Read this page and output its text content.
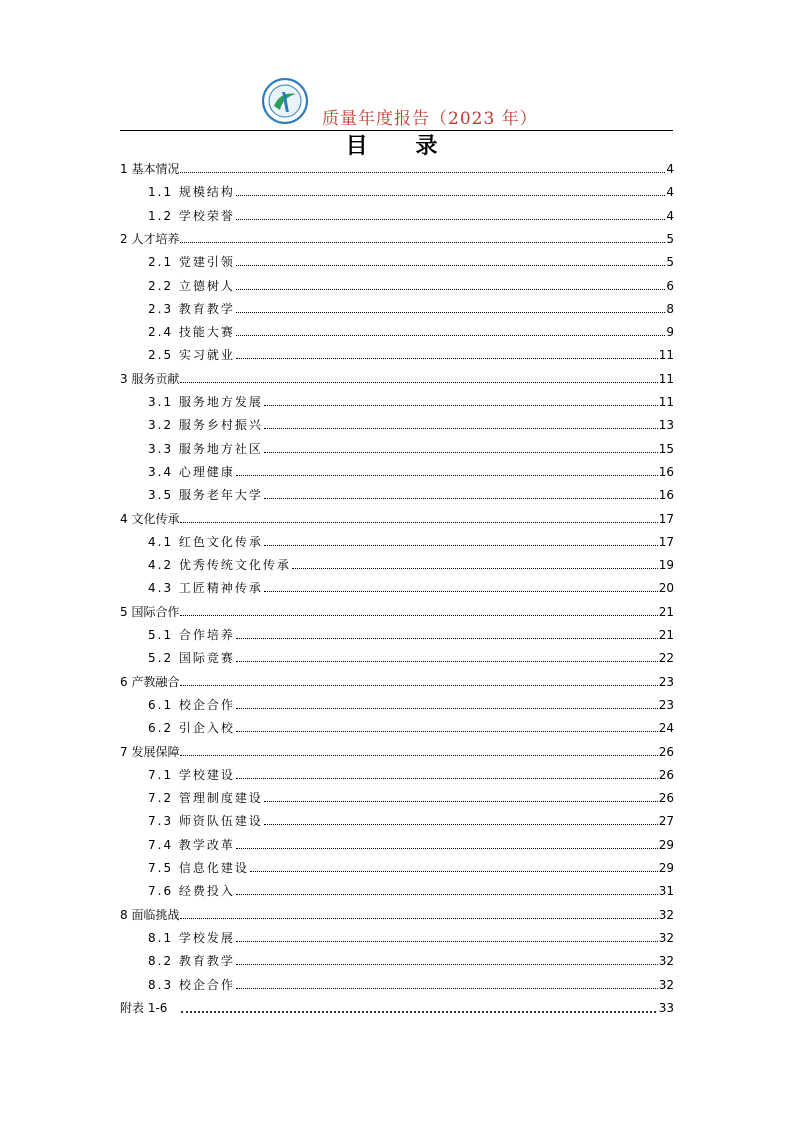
质量年度报告（2023 年）
目 录
1 基本情况	4
1.1 规模结构	4
1.2 学校荣誉	4
2 人才培养	5
2.1 党建引领	5
2.2 立德树人	6
2.3 教育教学	8
2.4 技能大赛	9
2.5 实习就业	11
3 服务贡献	11
3.1 服务地方发展	11
3.2 服务乡村振兴	13
3.3 服务地方社区	15
3.4 心理健康	16
3.5 服务老年大学	16
4 文化传承	17
4.1 红色文化传承	17
4.2 优秀传统文化传承	19
4.3 工匠精神传承	20
5 国际合作	21
5.1 合作培养	21
5.2 国际竞赛	22
6 产教融合	23
6.1 校企合作	23
6.2 引企入校	24
7 发展保障	26
7.1 学校建设	26
7.2 管理制度建设	26
7.3 师资队伍建设	27
7.4 教学改革	29
7.5 信息化建设	29
7.6 经费投入	31
8 面临挑战	32
8.1 学校发展	32
8.2 教育教学	32
8.3 校企合作	32
附表 1-6	33
